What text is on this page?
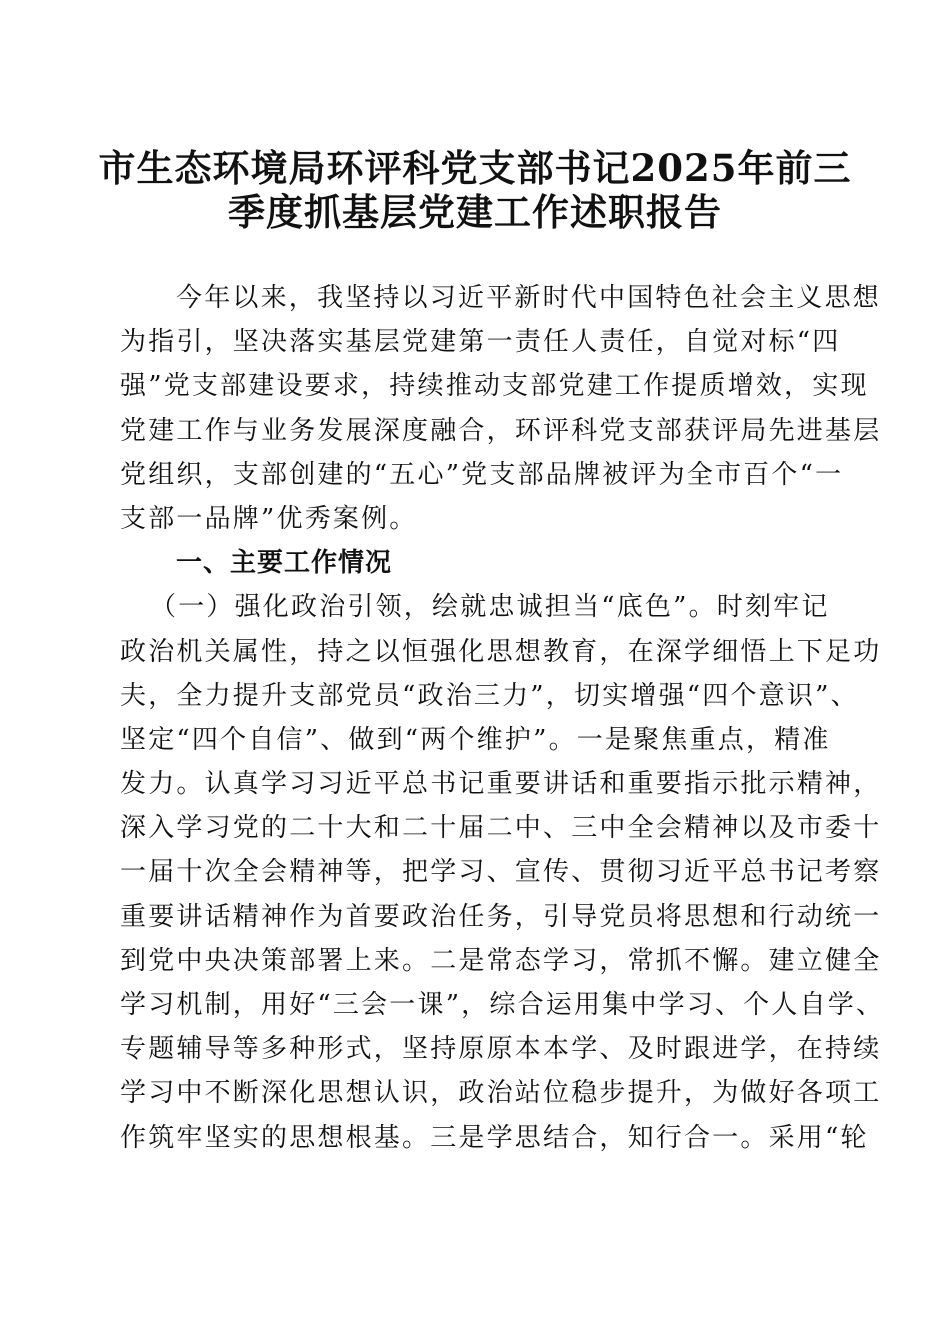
市生态环境局环评科党支部书记2025年前三
季度抓基层党建工作述职报告
今年以来，我坚持以习近平新时代中国特色社会主义思想
为指引，坚决落实基层党建第一责任人责任，自觉对标“四
强”党支部建设要求，持续推动支部党建工作提质增效，实现
党建工作与业务发展深度融合，环评科党支部获评局先进基层
党组织，支部创建的“五心”党支部品牌被评为全市百个“一
支部一品牌”优秀案例。
一、主要工作情况
（一）强化政治引领，绘就忠诚担当“底色”。时刻牢记
政治机关属性，持之以恒强化思想教育，在深学细悟上下足功
夫，全力提升支部党员“政治三力”，切实增强“四个意识”、
坚定“四个自信”、做到“两个维护”。一是聚焦重点，精准
发力。认真学习习近平总书记重要讲话和重要指示批示精神，
深入学习党的二十大和二十届二中、三中全会精神以及市委十
一届十次全会精神等，把学习、宣传、贯彻习近平总书记考察
重要讲话精神作为首要政治任务，引导党员将思想和行动统一
到党中央决策部署上来。二是常态学习，常抓不懈。建立健全
学习机制，用好“三会一课”，综合运用集中学习、个人自学、
专题辅导等多种形式，坚持原原本本学、及时跟进学，在持续
学习中不断深化思想认识，政治站位稳步提升，为做好各项工
作筑牢坚实的思想根基。三是学思结合，知行合一。采用“轮
